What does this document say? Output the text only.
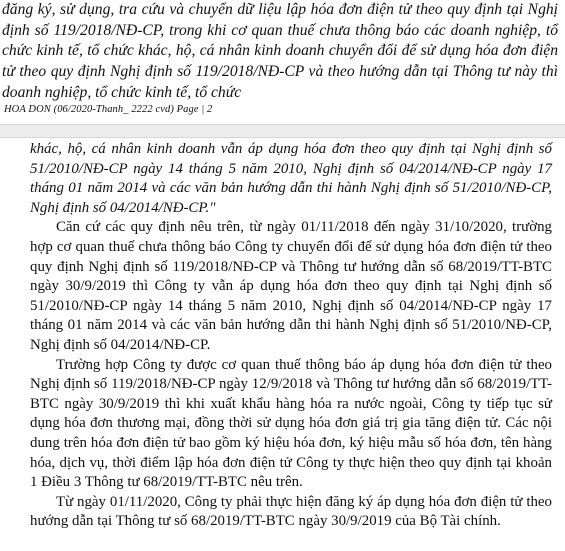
đăng ký, sử dụng, tra cứu và chuyển dữ liệu lập hóa đơn điện tử theo quy định tại Nghị định số 119/2018/NĐ-CP, trong khi cơ quan thuế chưa thông báo các doanh nghiệp, tổ chức kinh tế, tổ chức khác, hộ, cá nhân kinh doanh chuyển đổi để sử dụng hóa đơn điện tử theo quy định Nghị định số 119/2018/NĐ-CP và theo hướng dẫn tại Thông tư này thì doanh nghiệp, tổ chức kinh tế, tổ chức

HOA DON (06/2020-Thanh_ 2222 cvd) Page | 2

khác, hộ, cá nhân kinh doanh vẫn áp dụng hóa đơn theo quy định tại Nghị định số 51/2010/NĐ-CP ngày 14 tháng 5 năm 2010, Nghị định số 04/2014/NĐ-CP ngày 17 tháng 01 năm 2014 và các văn bản hướng dẫn thi hành Nghị định số 51/2010/NĐ-CP, Nghị định số 04/2014/NĐ-CP."

Căn cứ các quy định nêu trên, từ ngày 01/11/2018 đến ngày 31/10/2020, trường hợp cơ quan thuế chưa thông báo Công ty chuyển đổi để sử dụng hóa đơn điện tử theo quy định Nghị định số 119/2018/NĐ-CP và Thông tư hướng dẫn số 68/2019/TT-BTC ngày 30/9/2019 thì Công ty vẫn áp dụng hóa đơn theo quy định tại Nghị định số 51/2010/NĐ-CP ngày 14 tháng 5 năm 2010, Nghị định số 04/2014/NĐ-CP ngày 17 tháng 01 năm 2014 và các văn bản hướng dẫn thi hành Nghị định số 51/2010/NĐ-CP, Nghị định số 04/2014/NĐ-CP.

Trường hợp Công ty được cơ quan thuế thông báo áp dụng hóa đơn điện tử theo Nghị định số 119/2018/NĐ-CP ngày 12/9/2018 và Thông tư hướng dẫn số 68/2019/TT-BTC ngày 30/9/2019 thì khi xuất khẩu hàng hóa ra nước ngoài, Công ty tiếp tục sử dụng hóa đơn thương mại, đồng thời sử dụng hóa đơn giá trị gia tăng điện tử. Các nội dung trên hóa đơn điện tử bao gồm ký hiệu hóa đơn, ký hiệu mẫu số hóa đơn, tên hàng hóa, dịch vụ, thời điểm lập hóa đơn điện tử Công ty thực hiện theo quy định tại khoản 1 Điều 3 Thông tư 68/2019/TT-BTC nêu trên.

Từ ngày 01/11/2020, Công ty phải thực hiện đăng ký áp dụng hóa đơn điện tử theo hướng dẫn tại Thông tư số 68/2019/TT-BTC ngày 30/9/2019 của Bộ Tài chính.
